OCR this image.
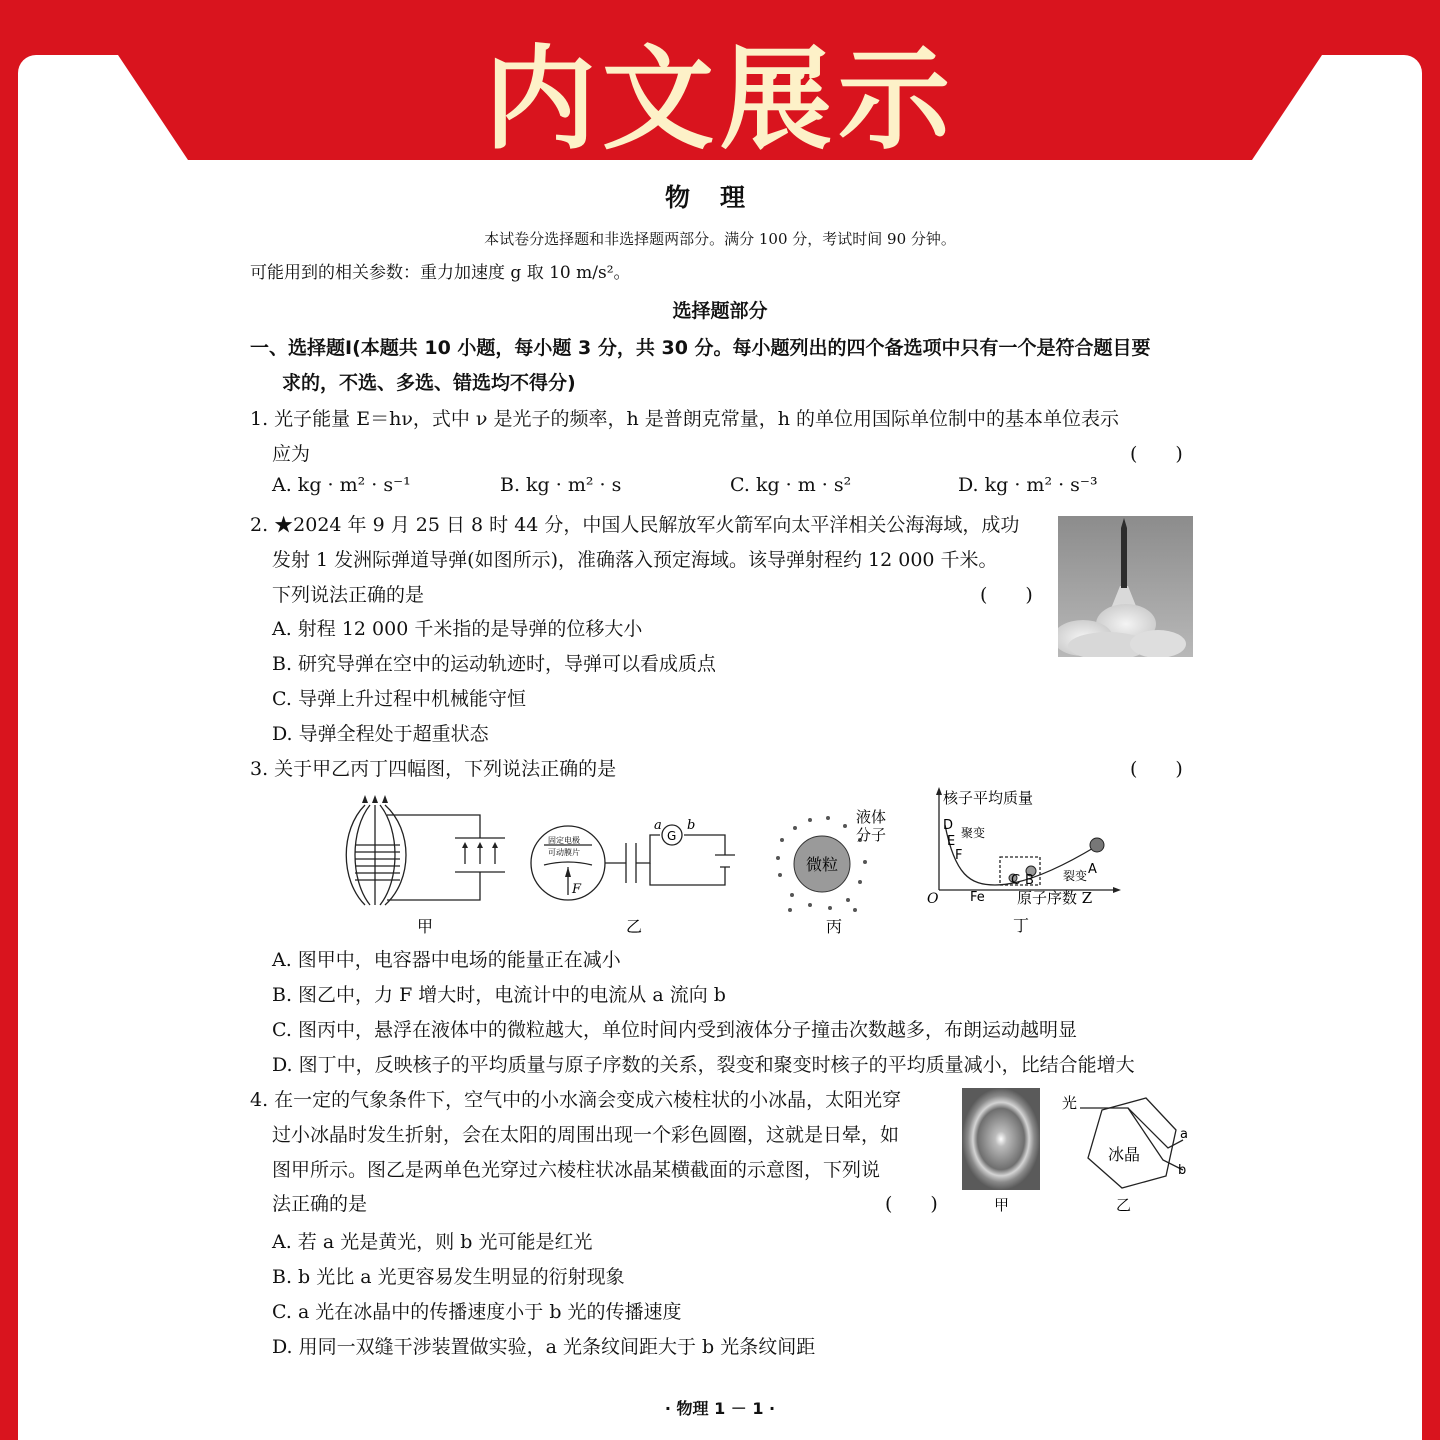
内文展示
物理
本试卷分选择题和非选择题两部分。满分 100 分，考试时间 90 分钟。
可能用到的相关参数：重力加速度 g 取 10 m/s²。
选择题部分
一、选择题Ⅰ(本题共 10 小题，每小题 3 分，共 30 分。每小题列出的四个备选项中只有一个是符合题目要
求的，不选、多选、错选均不得分)
1. 光子能量 E＝hν，式中 ν 是光子的频率，h 是普朗克常量，h 的单位用国际单位制中的基本单位表示
应为	(　　)
A. kg · m² · s⁻¹	B. kg · m² · s	C. kg · m · s²	D. kg · m² · s⁻³
2. ★2024 年 9 月 25 日 8 时 44 分，中国人民解放军火箭军向太平洋相关公海海域，成功
发射 1 发洲际弹道导弹(如图所示)，准确落入预定海域。该导弹射程约 12 000 千米。
下列说法正确的是	(　　)
A. 射程 12 000 千米指的是导弹的位移大小
B. 研究导弹在空中的运动轨迹时，导弹可以看成质点
C. 导弹上升过程中机械能守恒
D. 导弹全程处于超重状态
3. 关于甲乙丙丁四幅图，下列说法正确的是	(　　)
甲
固定电极
可动膜片
F
G
a b
乙
微粒
液体
分子
丙
核子平均质量
原子序数 Z
O Fe
聚变
裂变
D
E
F
C B
A
丁
A. 图甲中，电容器中电场的能量正在减小
B. 图乙中，力 F 增大时，电流计中的电流从 a 流向 b
C. 图丙中，悬浮在液体中的微粒越大，单位时间内受到液体分子撞击次数越多，布朗运动越明显
D. 图丁中，反映核子的平均质量与原子序数的关系，裂变和聚变时核子的平均质量减小，比结合能增大
4. 在一定的气象条件下，空气中的小水滴会变成六棱柱状的小冰晶，太阳光穿
过小冰晶时发生折射，会在太阳的周围出现一个彩色圆圈，这就是日晕，如
图甲所示。图乙是两单色光穿过六棱柱状冰晶某横截面的示意图，下列说
法正确的是	(　　)	甲
光
冰晶
a
b
乙
A. 若 a 光是黄光，则 b 光可能是红光
B. b 光比 a 光更容易发生明显的衍射现象
C. a 光在冰晶中的传播速度小于 b 光的传播速度
D. 用同一双缝干涉装置做实验，a 光条纹间距大于 b 光条纹间距
· 物理 1 － 1 ·
